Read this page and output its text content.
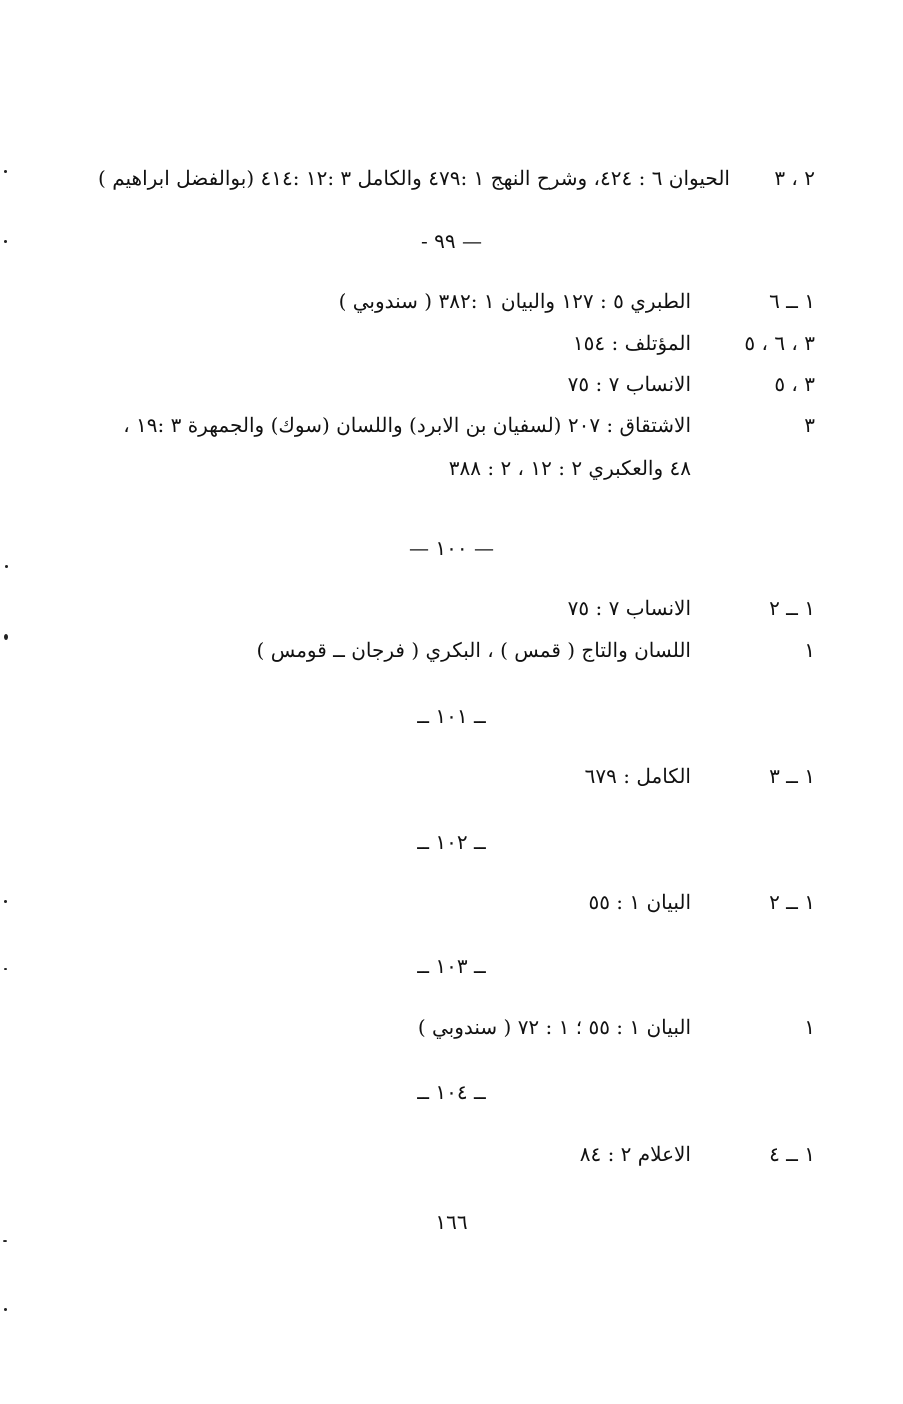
٢ ، ٣ الحيوان ٦ : ٤٢٤، وشرح النهج ١ :٤٧٩ والكامل ٣ :١٢ :٤١٤ (بوالفضل ابراهيم )
— ٩٩ -
١ ــ ٦
الطبري ٥ : ١٢٧ والبيان ١ :٣٨٢ ( سندوبي )
٣ ، ٦ ، ٥
المؤتلف : ١٥٤
٣ ، ٥
الانساب ٧ : ٧٥
٣
الاشتقاق : ٢٠٧ (لسفيان بن الابرد) واللسان (سوك) والجمهرة ٣ :١٩ ،
٤٨ والعكبري ٢ : ١٢ ، ٢ : ٣٨٨
— ١٠٠ —
١ ــ ٢
الانساب ٧ : ٧٥
١
اللسان والتاج ( قمس ) ، البكري ( فرجان ــ قومس )
ــ ١٠١ ــ
١ ــ ٣
الكامل : ٦٧٩
ــ ١٠٢ ــ
١ ــ ٢
البيان ١ : ٥٥
ــ ١٠٣ ــ
١
البيان ١ : ٥٥ ؛ ١ : ٧٢ ( سندوبي )
ــ ١٠٤ ــ
١ ــ ٤
الاعلام ٢ : ٨٤
١٦٦
